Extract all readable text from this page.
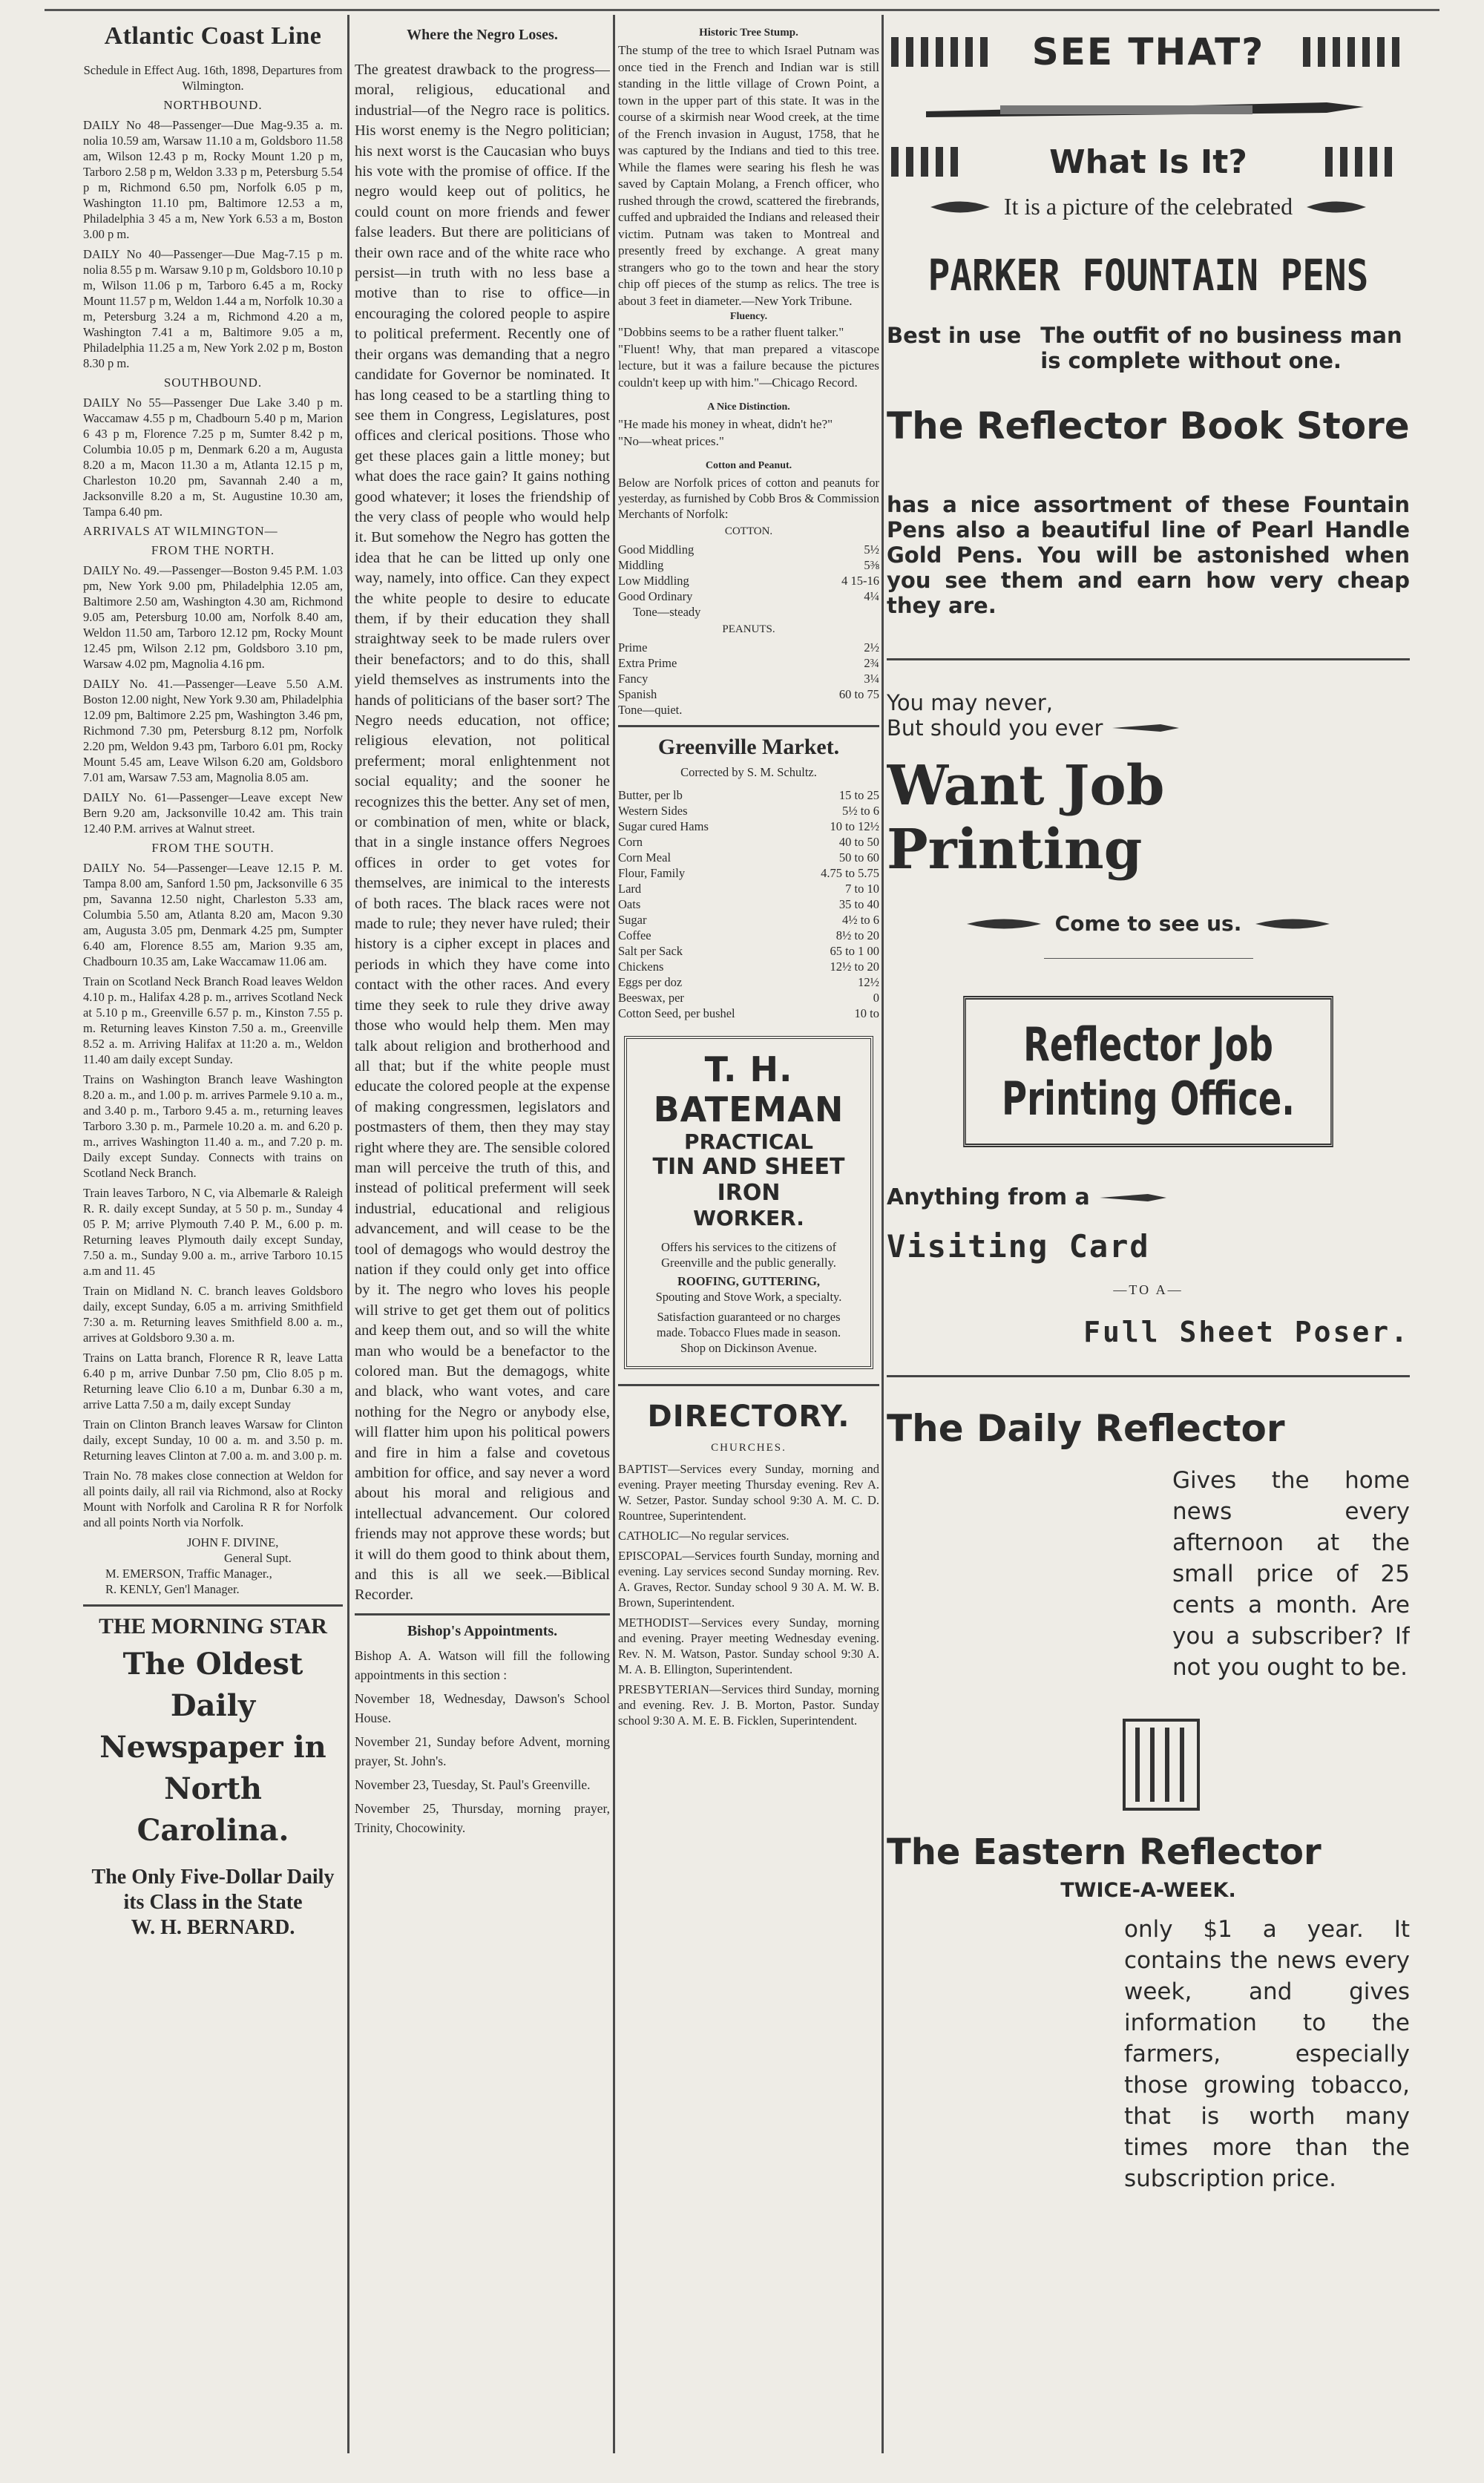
Atlantic Coast Line
Schedule in Effect Aug. 16th, 1898, Departures from Wilmington.
NORTHBOUND.
DAILY No 48—Passenger—Due Mag-9.35 a. m. nolia 10.59 am, Warsaw 11.10 a m, Goldsboro 11.58 am, Wilson 12.43 p m, Rocky Mount 1.20 p m, Tarboro 2.58 p m, Weldon 3.33 p m, Petersburg 5.54 p m, Richmond 6.50 pm, Norfolk 6.05 p m, Washington 11.10 pm, Baltimore 12.53 a m, Philadelphia 3 45 a m, New York 6.53 a m, Boston 3.00 p m.
DAILY No 40—Passenger—Due Mag-7.15 p m. nolia 8.55 p m. Warsaw 9.10 p m, Goldsboro 10.10 p m, Wilson 11.06 p m, Tarboro 6.45 a m, Rocky Mount 11.57 p m, Weldon 1.44 a m, Norfolk 10.30 a m, Petersburg 3.24 a m, Richmond 4.20 a m, Washington 7.41 a m, Baltimore 9.05 a m, Philadelphia 11.25 a m, New York 2.02 p m, Boston 8.30 p m.
SOUTHBOUND.
DAILY No 55—Passenger Due Lake 3.40 p m. Waccamaw 4.55 p m, Chadbourn 5.40 p m, Marion 6 43 p m, Florence 7.25 p m, Sumter 8.42 p m, Columbia 10.05 p m, Denmark 6.20 a m, Augusta 8.20 a m, Macon 11.30 a m, Atlanta 12.15 p m, Charleston 10.20 pm, Savannah 2.40 a m, Jacksonville 8.20 a m, St. Augustine 10.30 am, Tampa 6.40 pm.
ARRIVALS AT WILMINGTON—
FROM THE NORTH.
DAILY No. 49.—Passenger—Boston 9.45 P.M. 1.03 pm, New York 9.00 pm, Philadelphia 12.05 am, Baltimore 2.50 am, Washington 4.30 am, Richmond 9.05 am, Petersburg 10.00 am, Norfolk 8.40 am, Weldon 11.50 am, Tarboro 12.12 pm, Rocky Mount 12.45 pm, Wilson 2.12 pm, Goldsboro 3.10 pm, Warsaw 4.02 pm, Magnolia 4.16 pm.
DAILY No. 41.—Passenger—Leave 5.50 A.M. Boston 12.00 night, New York 9.30 am, Philadelphia 12.09 pm, Baltimore 2.25 pm, Washington 3.46 pm, Richmond 7.30 pm, Petersburg 8.12 pm, Norfolk 2.20 pm, Weldon 9.43 pm, Tarboro 6.01 pm, Rocky Mount 5.45 am, Leave Wilson 6.20 am, Goldsboro 7.01 am, Warsaw 7.53 am, Magnolia 8.05 am.
DAILY No. 61—Passenger—Leave except New Bern 9.20 am, Jacksonville 10.42 am. This train 12.40 P.M. arrives at Walnut street.
FROM THE SOUTH.
DAILY No. 54—Passenger—Leave 12.15 P. M. Tampa 8.00 am, Sanford 1.50 pm, Jacksonville 6 35 pm, Savanna 12.50 night, Charleston 5.33 am, Columbia 5.50 am, Atlanta 8.20 am, Macon 9.30 am, Augusta 3.05 pm, Denmark 4.25 pm, Sumpter 6.40 am, Florence 8.55 am, Marion 9.35 am, Chadbourn 10.35 am, Lake Waccamaw 11.06 am.
Train on Scotland Neck Branch Road leaves Weldon 4.10 p. m., Halifax 4.28 p. m., arrives Scotland Neck at 5.10 p m., Greenville 6.57 p. m., Kinston 7.55 p. m. Returning leaves Kinston 7.50 a. m., Greenville 8.52 a. m. Arriving Halifax at 11:20 a. m., Weldon 11.40 am daily except Sunday.
Trains on Washington Branch leave Washington 8.20 a. m., and 1.00 p. m. arrives Parmele 9.10 a. m., and 3.40 p. m., Tarboro 9.45 a. m., returning leaves Tarboro 3.30 p. m., Parmele 10.20 a. m. and 6.20 p. m., arrives Washington 11.40 a. m., and 7.20 p. m. Daily except Sunday. Connects with trains on Scotland Neck Branch.
Train leaves Tarboro, N C, via Albemarle & Raleigh R. R. daily except Sunday, at 5 50 p. m., Sunday 4 05 P. M; arrive Plymouth 7.40 P. M., 6.00 p. m. Returning leaves Plymouth daily except Sunday, 7.50 a. m., Sunday 9.00 a. m., arrive Tarboro 10.15 a.m and 11. 45
Train on Midland N. C. branch leaves Goldsboro daily, except Sunday, 6.05 a m. arriving Smithfield 7:30 a. m. Returning leaves Smithfield 8.00 a. m., arrives at Goldsboro 9.30 a. m.
Trains on Latta branch, Florence R R, leave Latta 6.40 p m, arrive Dunbar 7.50 pm, Clio 8.05 p m. Returning leave Clio 6.10 a m, Dunbar 6.30 a m, arrive Latta 7.50 a m, daily except Sunday
Train on Clinton Branch leaves Warsaw for Clinton daily, except Sunday, 10 00 a. m. and 3.50 p. m. Returning leaves Clinton at 7.00 a. m. and 3.00 p. m.
Train No. 78 makes close connection at Weldon for all points daily, all rail via Richmond, also at Rocky Mount with Norfolk and Carolina R R for Norfolk and all points North via Norfolk.
JOHN F. DIVINE,
General Supt.
M. EMERSON, Traffic Manager.,
R. KENLY, Gen'l Manager.
THE MORNING STAR
The Oldest
Daily Newspaper in
North Carolina.
The Only Five-Dollar Daily
its Class in the State
W. H. BERNARD.
Where the Negro Loses.
The greatest drawback to the progress—moral, religious, educational and industrial—of the Negro race is politics. His worst enemy is the Negro politician; his next worst is the Caucasian who buys his vote with the promise of office. If the negro would keep out of politics, he could count on more friends and fewer false leaders. But there are politicians of their own race and of the white race who persist—in truth with no less base a motive than to rise to office—in encouraging the colored people to aspire to political preferment. Recently one of their organs was demanding that a negro candidate for Governor be nominated. It has long ceased to be a startling thing to see them in Congress, Legislatures, post offices and clerical positions. Those who get these places gain a little money; but what does the race gain? It gains nothing good whatever; it loses the friendship of the very class of people who would help it. But somehow the Negro has gotten the idea that he can be litted up only one way, namely, into office. Can they expect the white people to desire to educate them, if by their education they shall straightway seek to be made rulers over their benefactors; and to do this, shall yield themselves as instruments into the hands of politicians of the baser sort? The Negro needs education, not office; religious elevation, not political preferment; moral enlightenment not social equality; and the sooner he recognizes this the better. Any set of men, or combination of men, white or black, that in a single instance offers Negroes offices in order to get votes for themselves, are inimical to the interests of both races. The black races were not made to rule; they never have ruled; their history is a cipher except in places and periods in which they have come into contact with the other races. And every time they seek to rule they drive away those who would help them. Men may talk about religion and brotherhood and all that; but if the white people must educate the colored people at the expense of making congressmen, legislators and postmasters of them, then they may stay right where they are. The sensible colored man will perceive the truth of this, and instead of political preferment will seek industrial, educational and religious advancement, and will cease to be the tool of demagogs who would destroy the nation if they could only get into office by it. The negro who loves his people will strive to get get them out of politics and keep them out, and so will the white man who would be a benefactor to the colored man. But the demagogs, white and black, who want votes, and care nothing for the Negro or anybody else, will flatter him upon his political powers and fire in him a false and covetous ambition for office, and say never a word about his moral and religious and intellectual advancement. Our colored friends may not approve these words; but it will do them good to think about them, and this is all we seek.—Biblical Recorder.
Bishop's Appointments.
Bishop A. A. Watson will fill the following appointments in this section :
November 18, Wednesday, Dawson's School House.
November 21, Sunday before Advent, morning prayer, St. John's.
November 23, Tuesday, St. Paul's Greenville.
November 25, Thursday, morning prayer, Trinity, Chocowinity.
Historic Tree Stump.
The stump of the tree to which Israel Putnam was once tied in the French and Indian war is still standing in the little village of Crown Point, a town in the upper part of this state. It was in the course of a skirmish near Wood creek, at the time of the French invasion in August, 1758, that he was captured by the Indians and tied to this tree. While the flames were searing his flesh he was saved by Captain Molang, a French officer, who rushed through the crowd, scattered the firebrands, cuffed and upbraided the Indians and released their victim. Putnam was taken to Montreal and presently freed by exchange. A great many strangers who go to the town and hear the story chip off pieces of the stump as relics. The tree is about 3 feet in diameter.—New York Tribune.
Fluency.
"Dobbins seems to be a rather fluent talker."
"Fluent! Why, that man prepared a vitascope lecture, but it was a failure because the pictures couldn't keep up with him."—Chicago Record.
A Nice Distinction.
"He made his money in wheat, didn't he?"
"No—wheat prices."
Cotton and Peanut.
Below are Norfolk prices of cotton and peanuts for yesterday, as furnished by Cobb Bros & Commission Merchants of Norfolk:
COTTON.
Good Middling	5½
Middling	5⅜
Low Middling	4 15-16
Good Ordinary	4¼
Tone—steady
PEANUTS.
Prime	2½
Extra Prime	2¾
Fancy	3¼
Spanish	60 to 75
Tone—quiet.
Greenville Market.
Corrected by S. M. Schultz.
Butter, per lb	15 to 25
Western Sides	5½ to 6
Sugar cured Hams	10 to 12½
Corn	40 to 50
Corn Meal	50 to 60
Flour, Family	4.75 to 5.75
Lard	7 to 10
Oats	35 to 40
Sugar	4½ to 6
Coffee	8½ to 20
Salt per Sack	65 to 1 00
Chickens	12½ to 20
Eggs per doz	12½
Beeswax, per	0
Cotton Seed, per bushel	10 to
T. H. BATEMAN
PRACTICAL
TIN AND SHEET IRON
WORKER.
Offers his services to the citizens of Greenville and the public generally.
ROOFING, GUTTERING,
Spouting and Stove Work, a specialty.
Satisfaction guaranteed or no charges made. Tobacco Flues made in season. Shop on Dickinson Avenue.
DIRECTORY.
CHURCHES.
BAPTIST—Services every Sunday, morning and evening. Prayer meeting Thursday evening. Rev A. W. Setzer, Pastor. Sunday school 9:30 A. M. C. D. Rountree, Superintendent.
CATHOLIC—No regular services.
EPISCOPAL—Services fourth Sunday, morning and evening. Lay services second Sunday morning. Rev. A. Graves, Rector. Sunday school 9 30 A. M. W. B. Brown, Superintendent.
METHODIST—Services every Sunday, morning and evening. Prayer meeting Wednesday evening. Rev. N. M. Watson, Pastor. Sunday school 9:30 A. M. A. B. Ellington, Superintendent.
PRESBYTERIAN—Services third Sunday, morning and evening. Rev. J. B. Morton, Pastor. Sunday school 9:30 A. M. E. B. Ficklen, Superintendent.
SEE THAT?
What Is It?
It is a picture of the celebrated
PARKER FOUNTAIN PENS
Best in use The outfit of no business man is complete without one.
The Reflector Book Store
has a nice assortment of these Fountain Pens also a beautiful line of Pearl Handle Gold Pens. You will be astonished when you see them and earn how very cheap they are.
You may never,
But should you ever
Want Job Printing
Come to see us.
Reflector Job Printing Office.
Anything from a
Visiting Card
—TO A—
Full Sheet Poser.
The Daily Reflector
Gives the home news every afternoon at the small price of 25 cents a month. Are you a subscriber? If not you ought to be.
The Eastern Reflector
TWICE-A-WEEK.
only $1 a year. It contains the news every week, and gives information to the farmers, especially those growing tobacco, that is worth many times more than the subscription price.
